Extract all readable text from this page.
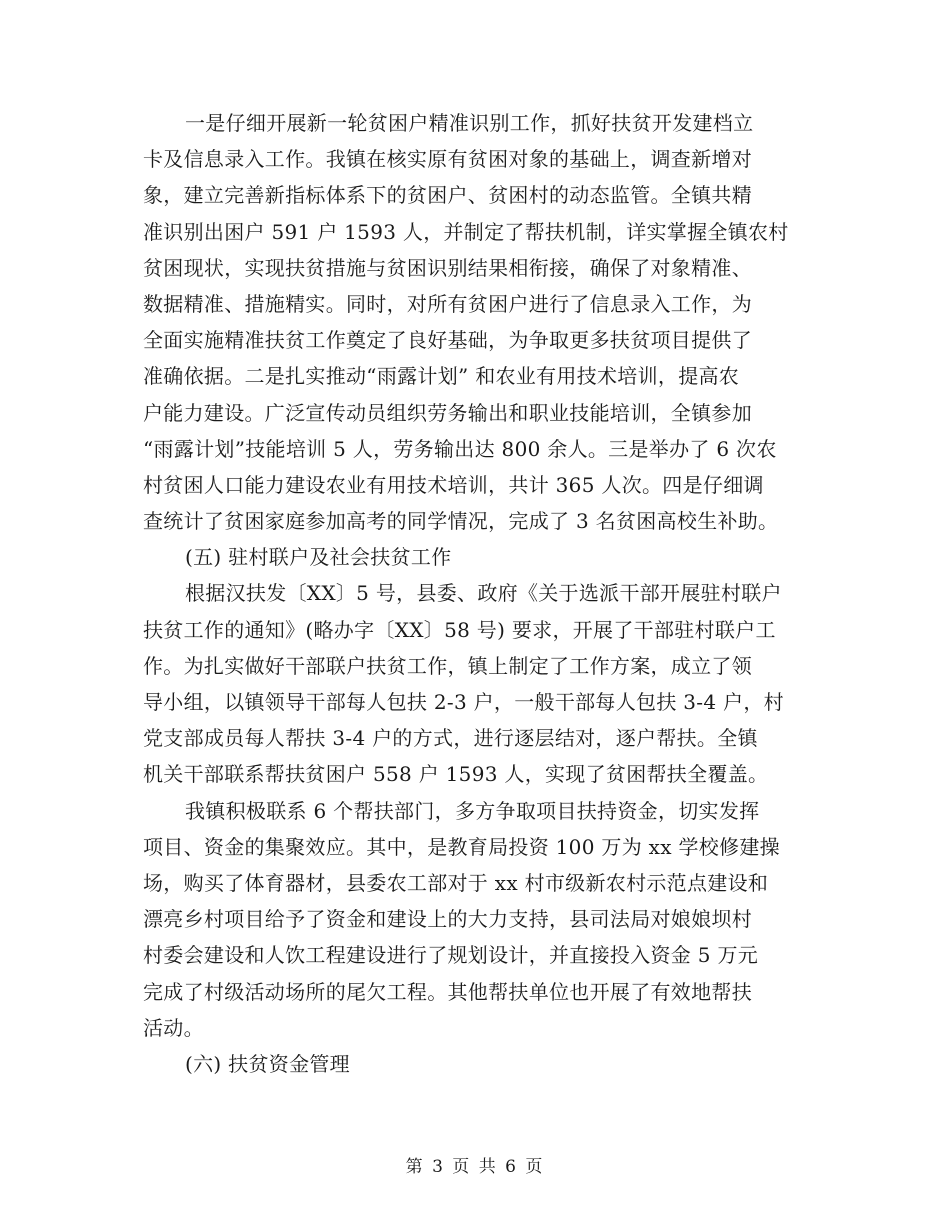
一是仔细开展新一轮贫困户精准识别工作，抓好扶贫开发建档立
卡及信息录入工作。我镇在核实原有贫困对象的基础上，调查新增对
象，建立完善新指标体系下的贫困户、贫困村的动态监管。全镇共精
准识别出困户 591 户 1593 人，并制定了帮扶机制，详实掌握全镇农村
贫困现状，实现扶贫措施与贫困识别结果相衔接，确保了对象精准、
数据精准、措施精实。同时，对所有贫困户进行了信息录入工作，为
全面实施精准扶贫工作奠定了良好基础，为争取更多扶贫项目提供了
准确依据。二是扎实推动“雨露计划” 和农业有用技术培训，提高农
户能力建设。广泛宣传动员组织劳务输出和职业技能培训，全镇参加
“雨露计划”技能培训 5 人，劳务输出达 800 余人。三是举办了 6 次农
村贫困人口能力建设农业有用技术培训，共计 365 人次。四是仔细调
查统计了贫困家庭参加高考的同学情况，完成了 3 名贫困高校生补助。
(五) 驻村联户及社会扶贫工作
根据汉扶发〔XX〕5 号，县委、政府《关于选派干部开展驻村联户
扶贫工作的通知》(略办字〔XX〕58 号) 要求，开展了干部驻村联户工
作。为扎实做好干部联户扶贫工作，镇上制定了工作方案，成立了领
导小组，以镇领导干部每人包扶 2-3 户，一般干部每人包扶 3-4 户，村
党支部成员每人帮扶 3-4 户的方式，进行逐层结对，逐户帮扶。全镇
机关干部联系帮扶贫困户 558 户 1593 人，实现了贫困帮扶全覆盖。
我镇积极联系 6 个帮扶部门，多方争取项目扶持资金，切实发挥
项目、资金的集聚效应。其中，是教育局投资 100 万为 xx 学校修建操
场，购买了体育器材，县委农工部对于 xx 村市级新农村示范点建设和
漂亮乡村项目给予了资金和建设上的大力支持，县司法局对娘娘坝村
村委会建设和人饮工程建设进行了规划设计，并直接投入资金 5 万元
完成了村级活动场所的尾欠工程。其他帮扶单位也开展了有效地帮扶
活动。
(六) 扶贫资金管理
第 3 页 共 6 页
